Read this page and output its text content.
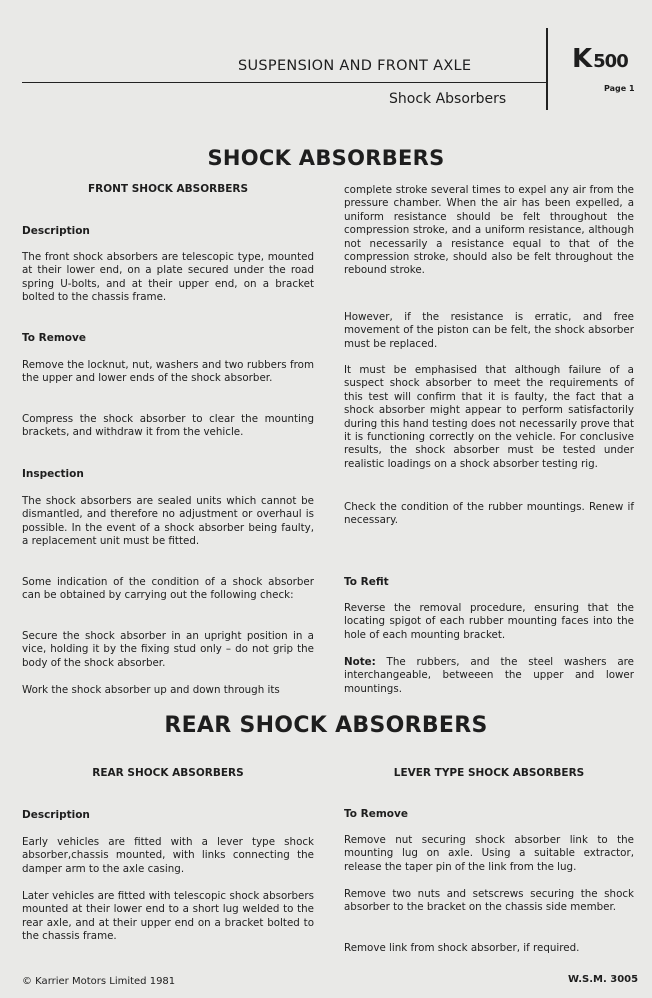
SUSPENSION AND FRONT AXLE
Shock Absorbers
K 500
Page 1
SHOCK ABSORBERS

FRONT SHOCK ABSORBERS

Description

The front shock absorbers are telescopic type, mounted at their lower end, on a plate secured under the road spring U-bolts, and at their upper end, on a bracket bolted to the chassis frame.

To Remove

Remove the locknut, nut, washers and two rubbers from the upper and lower ends of the shock absorber.

Compress the shock absorber to clear the mounting brackets, and withdraw it from the vehicle.

Inspection

The shock absorbers are sealed units which cannot be dismantled, and therefore no adjustment or overhaul is possible. In the event of a shock absorber being faulty, a replacement unit must be fitted.

Some indication of the condition of a shock absorber can be obtained by carrying out the following check:

Secure the shock absorber in an upright position in a vice, holding it by the fixing stud only – do not grip the body of the shock absorber.

Work the shock absorber up and down through its

complete stroke several times to expel any air from the pressure chamber. When the air has been expelled, a uniform resistance should be felt throughout the compression stroke, and a uniform resistance, although not necessarily a resistance equal to that of the compression stroke, should also be felt throughout the rebound stroke.

However, if the resistance is erratic, and free movement of the piston can be felt, the shock absorber must be replaced.

It must be emphasised that although failure of a suspect shock absorber to meet the requirements of this test will confirm that it is faulty, the fact that a shock absorber might appear to perform satisfactorily during this hand testing does not necessarily prove that it is functioning correctly on the vehicle. For conclusive results, the shock absorber must be tested under realistic loadings on a shock absorber testing rig.

Check the condition of the rubber mountings. Renew if necessary.

To Refit

Reverse the removal procedure, ensuring that the locating spigot of each rubber mounting faces into the hole of each mounting bracket.

Note: The rubbers, and the steel washers are interchangeable, betweeen the upper and lower mountings.

REAR SHOCK ABSORBERS

REAR SHOCK ABSORBERS

Description

Early vehicles are fitted with a lever type shock absorber,chassis mounted, with links connecting the damper arm to the axle casing.

Later vehicles are fitted with telescopic shock absorbers mounted at their lower end to a short lug welded to the rear axle, and at their upper end on a bracket bolted to the chassis frame.

LEVER TYPE SHOCK ABSORBERS

To Remove

Remove nut securing shock absorber link to the mounting lug on axle. Using a suitable extractor, release the taper pin of the link from the lug.

Remove two nuts and setscrews securing the shock absorber to the bracket on the chassis side member.

Remove link from shock absorber, if required.

© Karrier Motors Limited 1981	W.S.M. 3005
